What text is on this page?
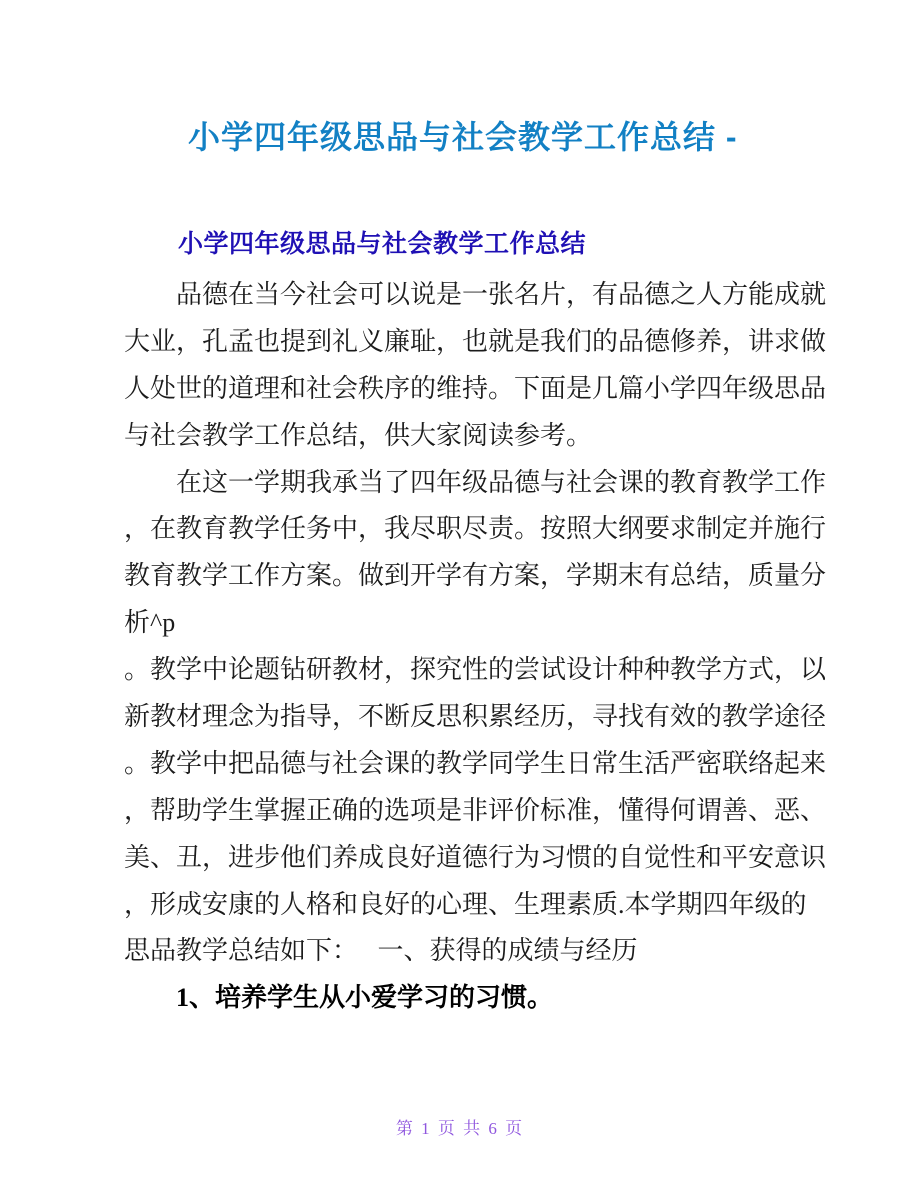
小学四年级思品与社会教学工作总结 -
小学四年级思品与社会教学工作总结
品德在当今社会可以说是一张名片，有品德之人方能成就
大业，孔孟也提到礼义廉耻，也就是我们的品德修养，讲求做
人处世的道理和社会秩序的维持。下面是几篇小学四年级思品
与社会教学工作总结，供大家阅读参考。
在这一学期我承当了四年级品德与社会课的教育教学工作
，在教育教学任务中，我尽职尽责。按照大纲要求制定并施行
教育教学工作方案。做到开学有方案，学期末有总结，质量分
析^p
。教学中论题钻研教材，探究性的尝试设计种种教学方式，以
新教材理念为指导，不断反思积累经历，寻找有效的教学途径
。教学中把品德与社会课的教学同学生日常生活严密联络起来
，帮助学生掌握正确的选项是非评价标准，懂得何谓善、恶、
美、丑，进步他们养成良好道德行为习惯的自觉性和平安意识
，形成安康的人格和良好的心理、生理素质.本学期四年级的
思品教学总结如下：　 一、获得的成绩与经历
1、培养学生从小爱学习的习惯。
第 1 页 共 6 页
